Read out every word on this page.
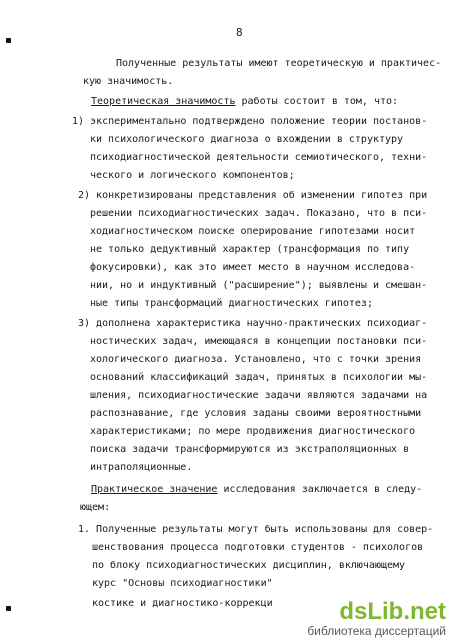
8
Полученные результаты имеют теоретическую и практичес-
кую значимость.
Теоретическая значимость работы состоит в том, что:
1) экспериментально подтверждено положение теории постанов-
ки психологического диагноза о вхождении в структуру
психодиагностической деятельности семиотического, техни-
ческого и логического компонентов;
2) конкретизированы представления об изменении гипотез при
решении психодиагностических задач. Показано, что в пси-
ходиагностическом поиске оперирование гипотезами носит
не только дедуктивный характер (трансформация по типу
фокусировки), как это имеет место в научном исследова-
нии, но и индуктивный ("расширение"); выявлены и смешан-
ные типы трансформаций диагностических гипотез;
3) дополнена характеристика научно-практических психодиаг-
ностических задач, имеющаяся в концепции постановки пси-
хологического диагноза. Установлено, что с точки зрения
оснований классификаций задач, принятых в психологии мы-
шления, психодиагностические задачи являются задачами на
распознавание, где условия заданы своими вероятностными
характеристиками; по мере продвижения диагностического
поиска задачи трансформируются из экстраполяционных в
интраполяционные.
Практическое значение исследования заключается в следу-
ющем:
1. Полученные результаты могут быть использованы для совер-
шенствования процесса подготовки студентов - психологов
по блоку психодиагностических дисциплин, включающему
курс "Основы психодиагностики"
костике и диагностико-коррекци	dsLib.net
библиотека диссертаций
